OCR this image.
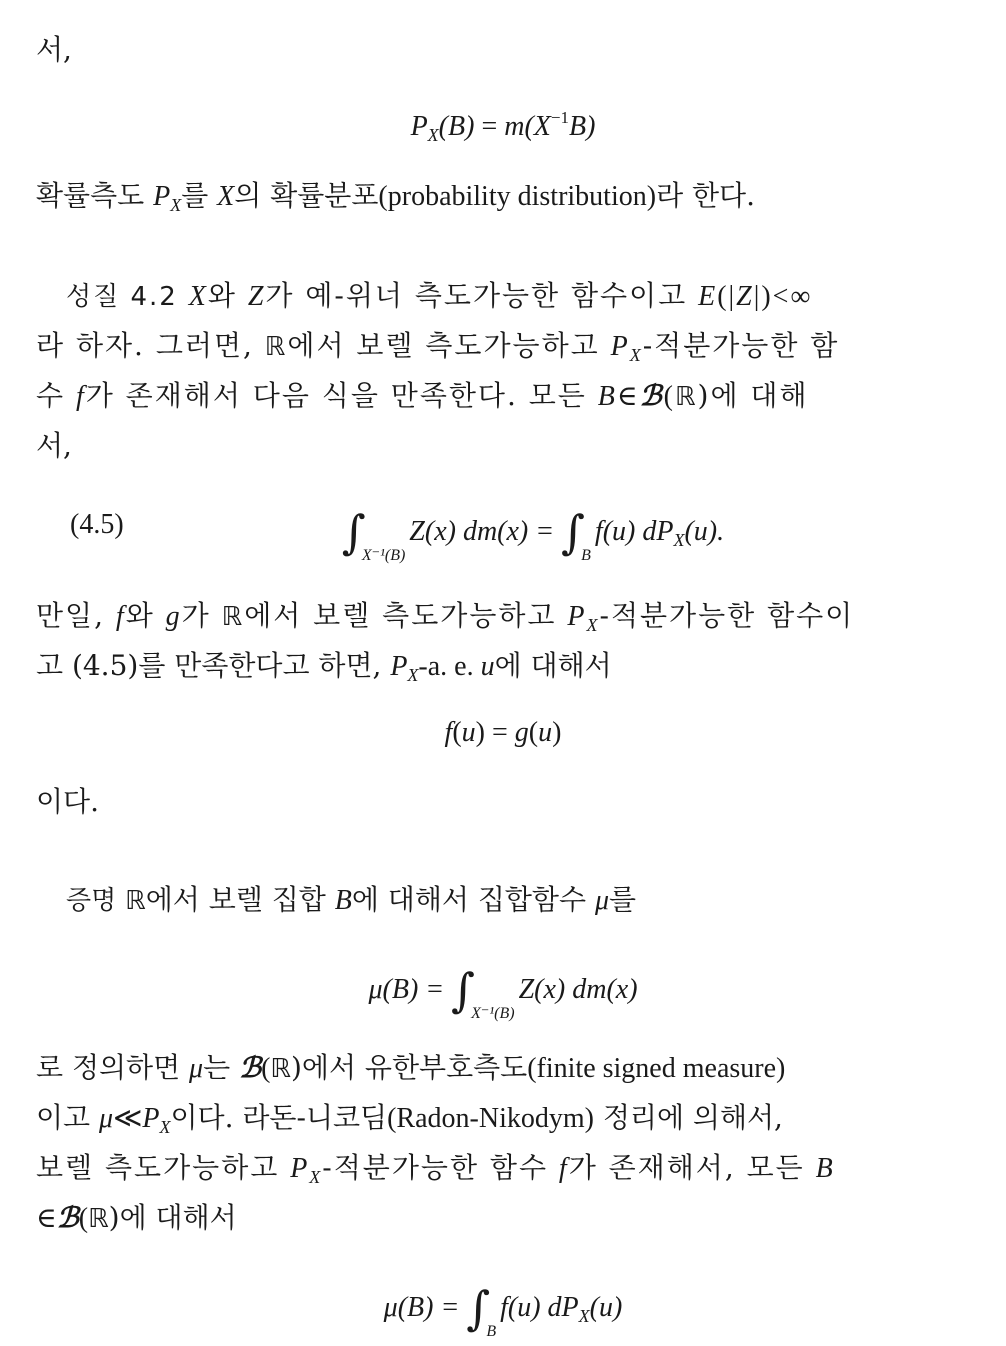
서,
$P_X(B) = m(X^{-1}B)$
확률측도 $P_X$를 X의 확률분포(probability distribution)라 한다.
성질 4.2 X와 Z가 예-위너 측도가능한 함수이고 E(|Z|)<∞
라 하자. 그러면, ℝ에서 보렐 측도가능하고 $P_X-$적분가능한 함
수 f가 존재해서 다음 식을 만족한다. 모든 B∈ℬ(ℝ)에 대해
서,
(4.5)	$\int_{X^{-1}(B)}Z(x) dm(x) = \int_Bf(u)$ $dP_X(u)$.
만일, f와 g가 ℝ에서 보렐 측도가능하고 $P_X-$적분가능한 함수이
고 (4.5)를 만족한다고 하면, $P_X-a$. e. u에 대해서
f(u) = g(u)
이다.
증명 ℝ에서 보렐 집합 B에 대해서 집합함수 μ를
$\mu(B) = \int_{X^{-1}(B)}Z(x)$ dm(x)
로 정의하면 μ는 ℬ(ℝ)에서 유한부호측도(finite signed measure)
이고 $\mu≪P_X$이다. 라돈-니코딤(Radon-Nikodym) 정리에 의해서,
보렐 측도가능하고 $P_X-$적분가능한 함수 f가 존재해서, 모든 B
∈ℬ(ℝ)에 대해서
$\mu(B) = \int_Bf(u)$ $dP_X(u)$
